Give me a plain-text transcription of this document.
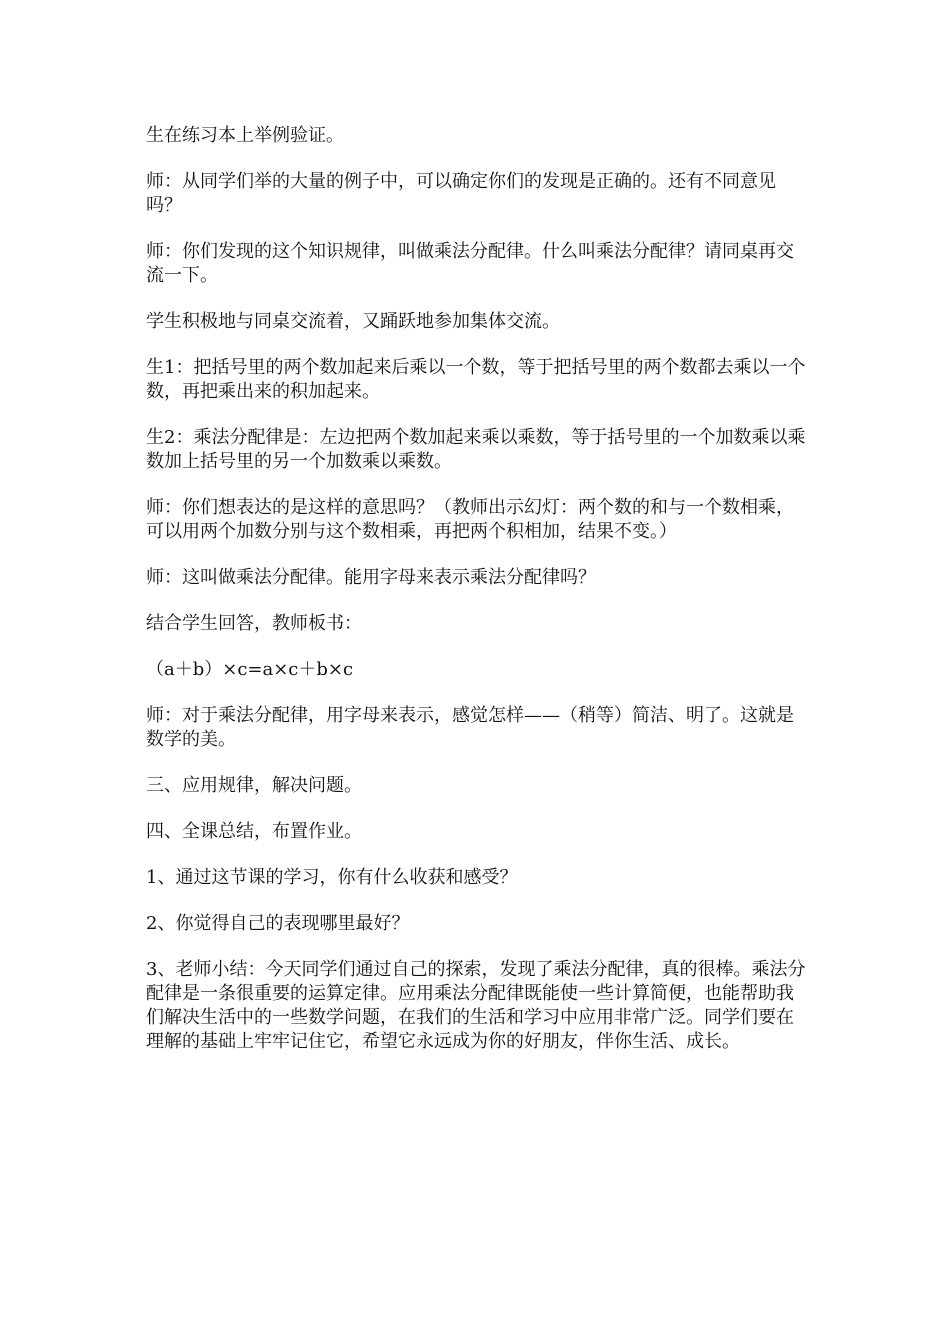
生在练习本上举例验证。

师：从同学们举的大量的例子中，可以确定你们的发现是正确的。还有不同意见吗？

师：你们发现的这个知识规律，叫做乘法分配律。什么叫乘法分配律？请同桌再交流一下。

学生积极地与同桌交流着，又踊跃地参加集体交流。

生1：把括号里的两个数加起来后乘以一个数，等于把括号里的两个数都去乘以一个数，再把乘出来的积加起来。

生2：乘法分配律是：左边把两个数加起来乘以乘数，等于括号里的一个加数乘以乘数加上括号里的另一个加数乘以乘数。

师：你们想表达的是这样的意思吗？（教师出示幻灯：两个数的和与一个数相乘，可以用两个加数分别与这个数相乘，再把两个积相加，结果不变。）

师：这叫做乘法分配律。能用字母来表示乘法分配律吗？

结合学生回答，教师板书：

（a＋b）×c=a×c＋b×c

师：对于乘法分配律，用字母来表示，感觉怎样——（稍等）简洁、明了。这就是数学的美。

三、应用规律，解决问题。

四、全课总结，布置作业。

1、通过这节课的学习，你有什么收获和感受？

2、你觉得自己的表现哪里最好？

3、老师小结：今天同学们通过自己的探索，发现了乘法分配律，真的很棒。乘法分配律是一条很重要的运算定律。应用乘法分配律既能使一些计算简便，也能帮助我们解决生活中的一些数学问题，在我们的生活和学习中应用非常广泛。同学们要在理解的基础上牢牢记住它，希望它永远成为你的好朋友，伴你生活、成长。
